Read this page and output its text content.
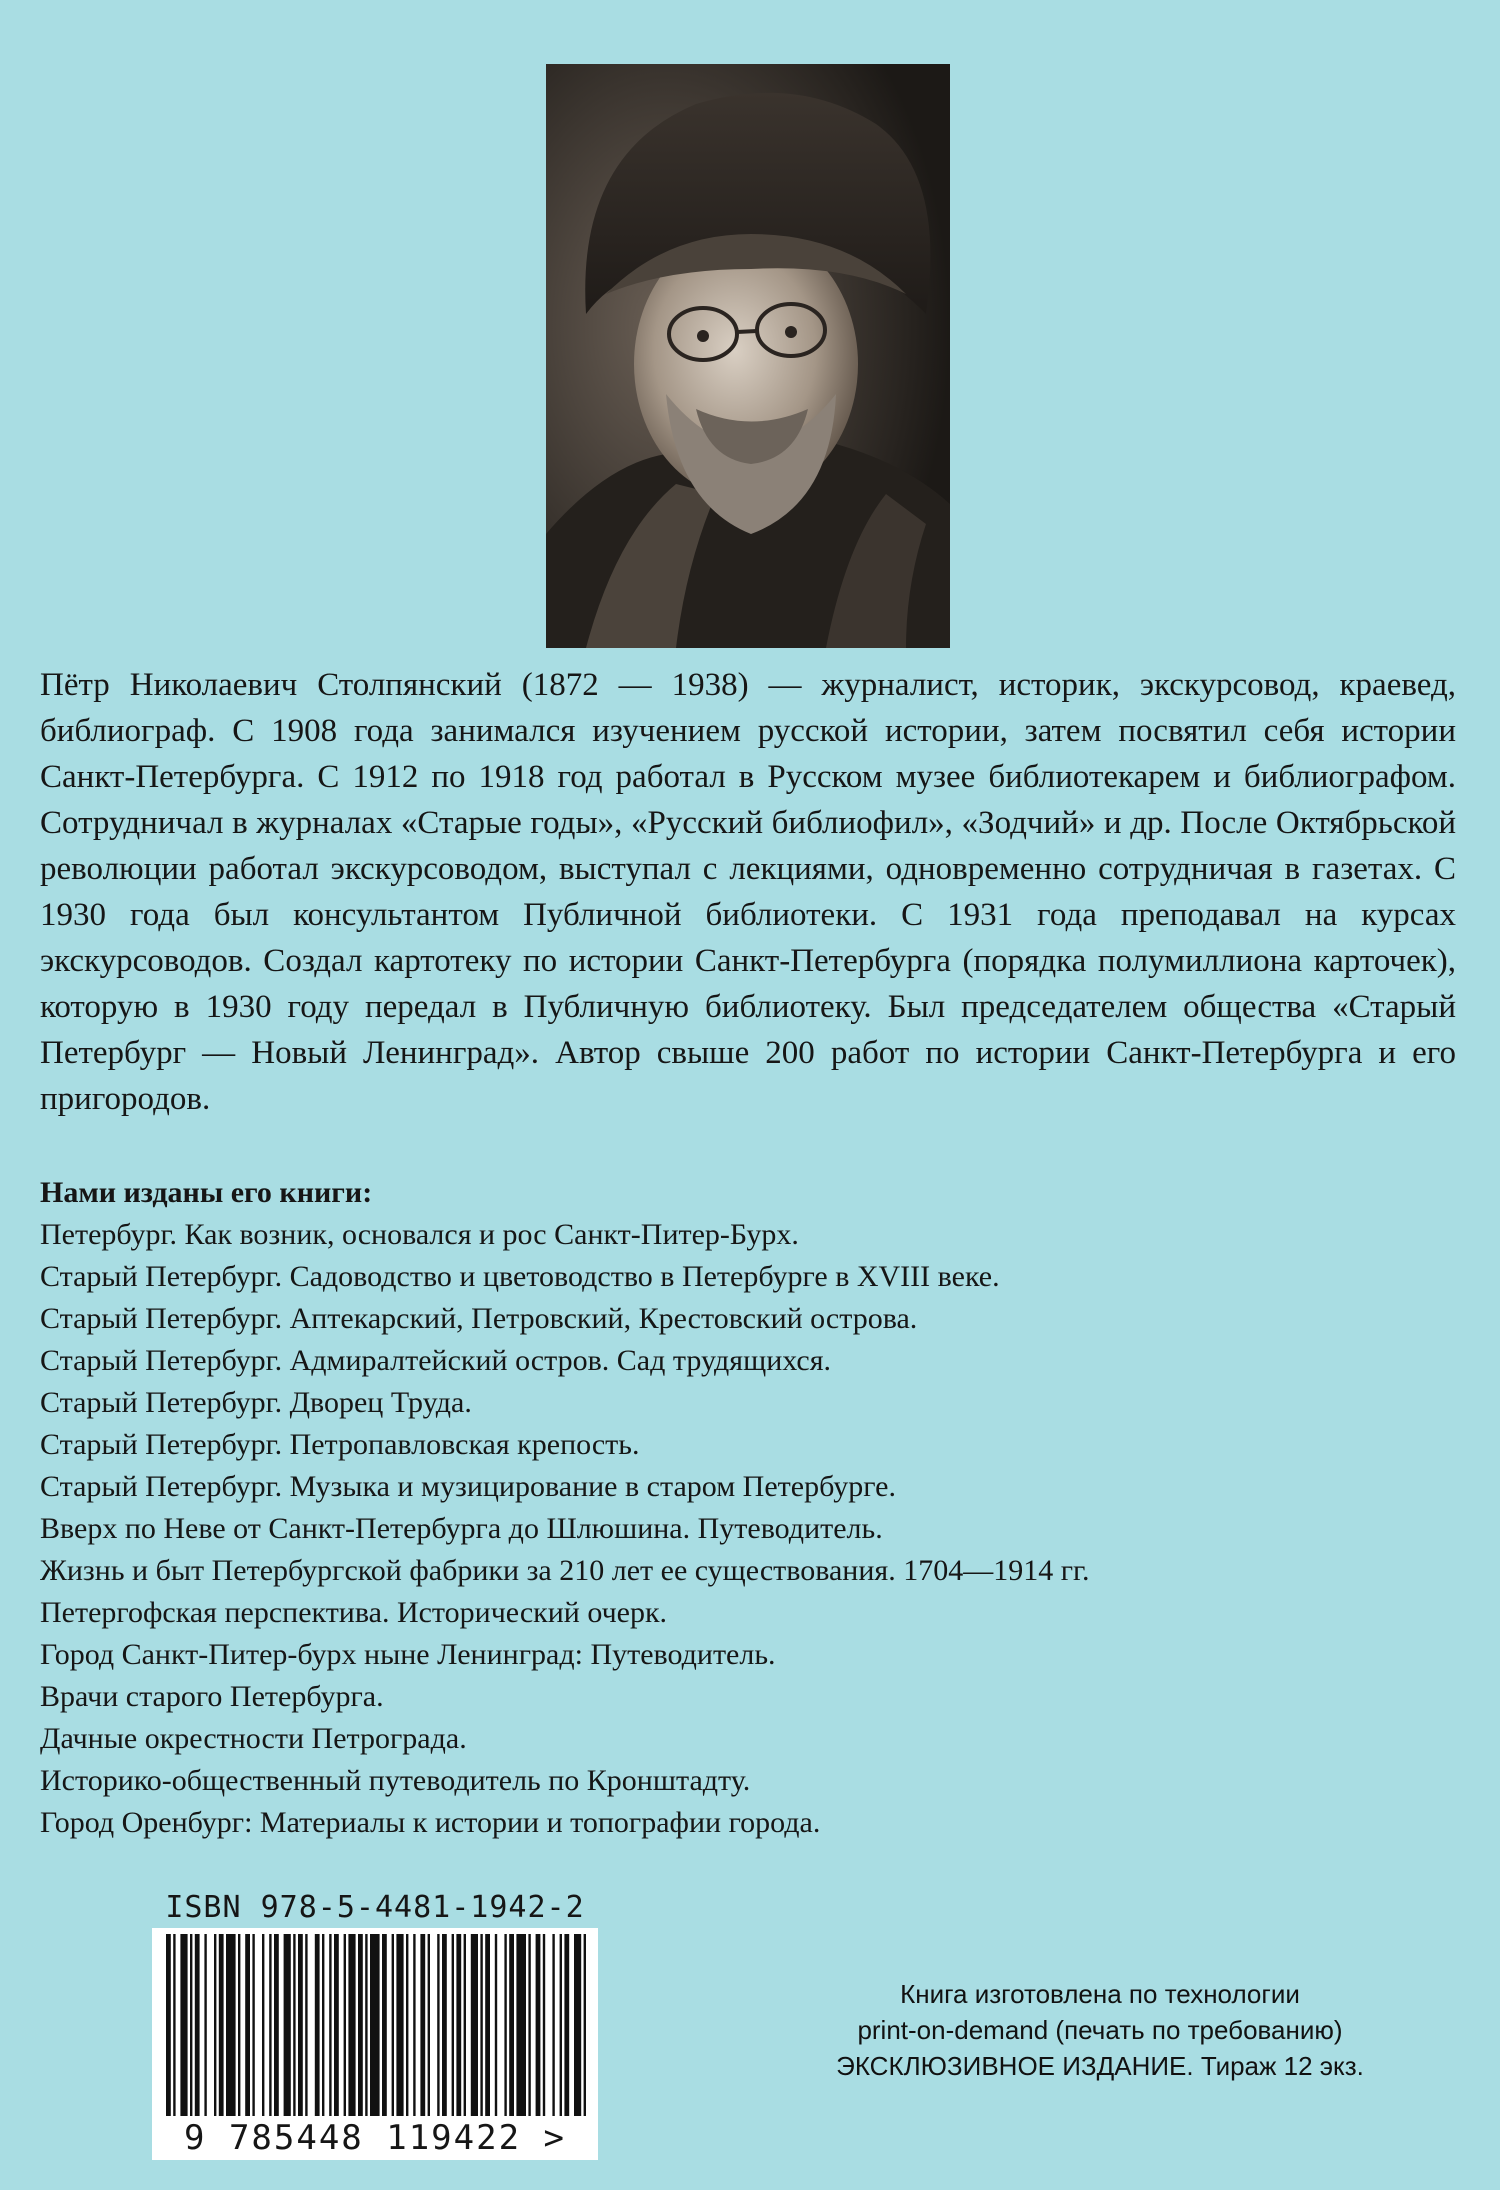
Пётр Николаевич Столпянский (1872 — 1938) — журналист, историк, экскурсовод, краевед, библиограф. С 1908 года занимался изучением русской истории, затем посвятил себя истории Санкт-Петербурга. С 1912 по 1918 год работал в Русском музее библиотекарем и библиографом. Сотрудничал в журналах «Старые годы», «Русский библиофил», «Зодчий» и др. После Октябрьской революции работал экскурсоводом, выступал с лекциями, одновременно сотрудничая в газетах. С 1930 года был консультантом Публичной библиотеки. С 1931 года преподавал на курсах экскурсоводов. Создал картотеку по истории Санкт-Петербурга (порядка полумиллиона карточек), которую в 1930 году передал в Публичную библиотеку. Был председателем общества «Старый Петербург — Новый Ленинград». Автор свыше 200 работ по истории Санкт-Петербурга и его пригородов.

Нами изданы его книги:

Петербург. Как возник, основался и рос Санкт-Питер-Бурх.
Старый Петербург. Садоводство и цветоводство в Петербурге в XVIII веке.
Старый Петербург. Аптекарский, Петровский, Крестовский острова.
Старый Петербург. Адмиралтейский остров. Сад трудящихся.
Старый Петербург. Дворец Труда.
Старый Петербург. Петропавловская крепость.
Старый Петербург. Музыка и музицирование в старом Петербурге.
Вверх по Неве от Санкт-Петербурга до Шлюшина. Путеводитель.
Жизнь и быт Петербургской фабрики за 210 лет ее существования. 1704—1914 гг.
Петергофская перспектива. Исторический очерк.
Город Санкт-Питер-бурх ныне Ленинград: Путеводитель.
Врачи старого Петербурга.
Дачные окрестности Петрограда.
Историко-общественный путеводитель по Кронштадту.
Город Оренбург: Материалы к истории и топографии города.
ISBN 978-5-4481-1942-2
9 785448 119422 >
Книга изготовлена по технологии
print-on-demand (печать по требованию)
ЭКСКЛЮЗИВНОЕ ИЗДАНИЕ. Тираж 12 экз.
